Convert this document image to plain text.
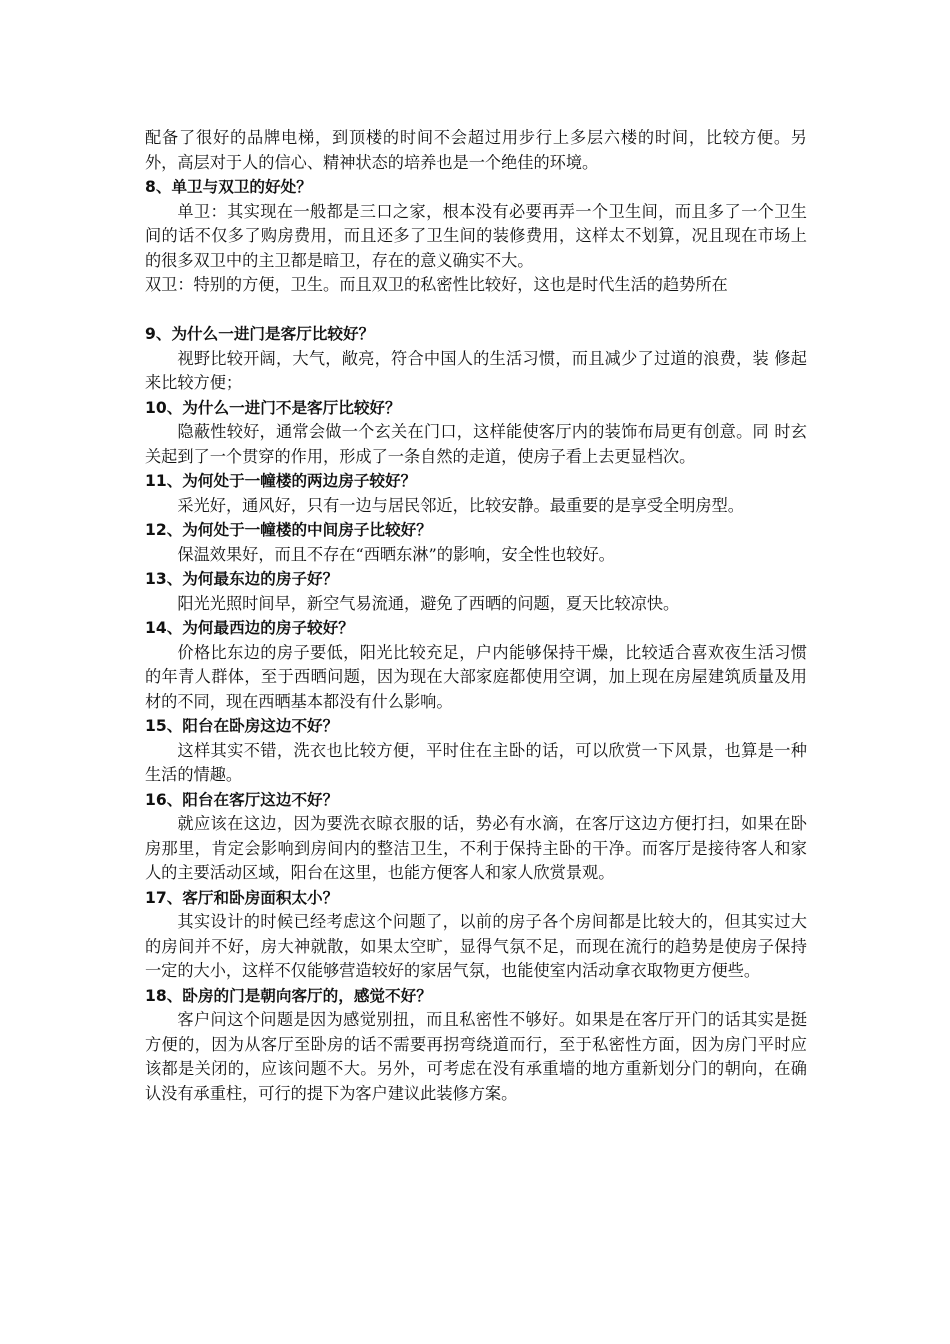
配备了很好的品牌电梯，到顶楼的时间不会超过用步行上多层六楼的时间，比较方便。另外，高层对于人的信心、精神状态的培养也是一个绝佳的环境。

8、单卫与双卫的好处？

单卫：其实现在一般都是三口之家，根本没有必要再弄一个卫生间，而且多了一个卫生间的话不仅多了购房费用，而且还多了卫生间的装修费用，这样太不划算，况且现在市场上的很多双卫中的主卫都是暗卫，存在的意义确实不大。

双卫：特别的方便，卫生。而且双卫的私密性比较好，这也是时代生活的趋势所在

9、为什么一进门是客厅比较好？

视野比较开阔，大气，敞亮，符合中国人的生活习惯，而且减少了过道的浪费，装 修起来比较方便；

10、为什么一进门不是客厅比较好？

隐蔽性较好，通常会做一个玄关在门口，这样能使客厅内的装饰布局更有创意。同 时玄关起到了一个贯穿的作用，形成了一条自然的走道，使房子看上去更显档次。

11、为何处于一幢楼的两边房子较好？

采光好，通风好，只有一边与居民邻近，比较安静。最重要的是享受全明房型。

12、为何处于一幢楼的中间房子比较好？

保温效果好，而且不存在“西晒东淋”的影响，安全性也较好。

13、为何最东边的房子好？

阳光光照时间早，新空气易流通，避免了西晒的问题，夏天比较凉快。

14、为何最西边的房子较好？

价格比东边的房子要低，阳光比较充足，户内能够保持干燥，比较适合喜欢夜生活习惯的年青人群体，至于西晒问题，因为现在大部家庭都使用空调，加上现在房屋建筑质量及用材的不同，现在西晒基本都没有什么影响。

15、阳台在卧房这边不好？

这样其实不错，洗衣也比较方便，平时住在主卧的话，可以欣赏一下风景，也算是一种生活的情趣。

16、阳台在客厅这边不好？

就应该在这边，因为要洗衣晾衣服的话，势必有水滴，在客厅这边方便打扫，如果在卧房那里，肯定会影响到房间内的整洁卫生，不利于保持主卧的干净。而客厅是接待客人和家人的主要活动区域，阳台在这里，也能方便客人和家人欣赏景观。

17、客厅和卧房面积太小？

其实设计的时候已经考虑这个问题了，以前的房子各个房间都是比较大的，但其实过大的房间并不好，房大神就散，如果太空旷，显得气氛不足，而现在流行的趋势是使房子保持一定的大小，这样不仅能够营造较好的家居气氛，也能使室内活动拿衣取物更方便些。

18、卧房的门是朝向客厅的，感觉不好？

客户问这个问题是因为感觉别扭，而且私密性不够好。如果是在客厅开门的话其实是挺方便的，因为从客厅至卧房的话不需要再拐弯绕道而行，至于私密性方面，因为房门平时应该都是关闭的，应该问题不大。另外，可考虑在没有承重墙的地方重新划分门的朝向，在确认没有承重柱，可行的提下为客户建议此装修方案。
